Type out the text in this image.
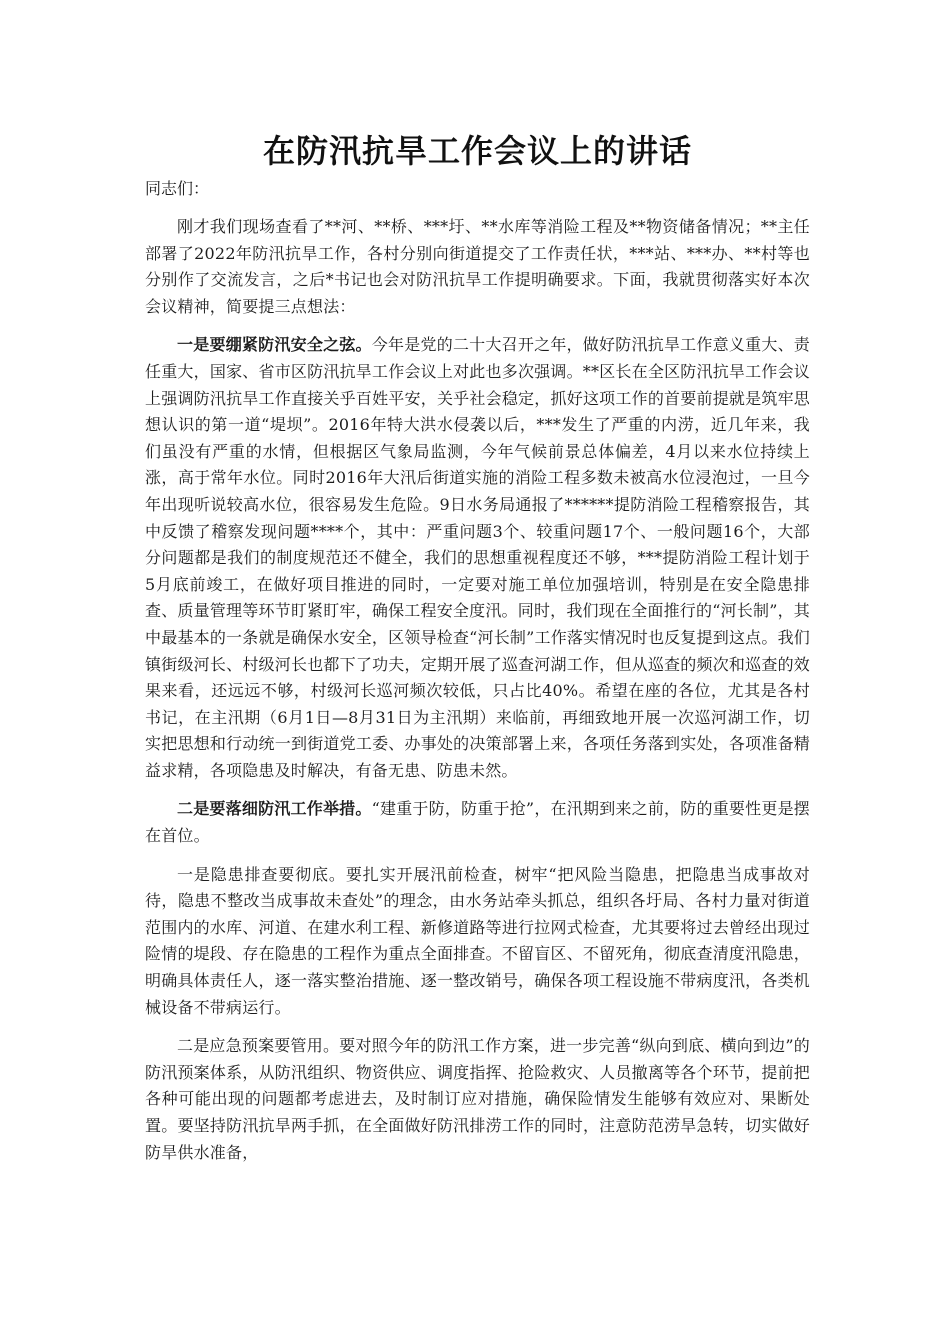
在防汛抗旱工作会议上的讲话

同志们：

刚才我们现场查看了**河、**桥、***圩、**水库等消险工程及**物资储备情况；**主任部署了2022年防汛抗旱工作，各村分别向街道提交了工作责任状，***站、***办、**村等也分别作了交流发言，之后*书记也会对防汛抗旱工作提明确要求。下面，我就贯彻落实好本次会议精神，简要提三点想法：

一是要绷紧防汛安全之弦。今年是党的二十大召开之年，做好防汛抗旱工作意义重大、责任重大，国家、省市区防汛抗旱工作会议上对此也多次强调。**区长在全区防汛抗旱工作会议上强调防汛抗旱工作直接关乎百姓平安，关乎社会稳定，抓好这项工作的首要前提就是筑牢思想认识的第一道“堤坝”。2016年特大洪水侵袭以后，***发生了严重的内涝，近几年来，我们虽没有严重的水情，但根据区气象局监测，今年气候前景总体偏差，4月以来水位持续上涨，高于常年水位。同时2016年大汛后街道实施的消险工程多数未被高水位浸泡过，一旦今年出现听说较高水位，很容易发生危险。9日水务局通报了******提防消险工程稽察报告，其中反馈了稽察发现问题****个，其中：严重问题3个、较重问题17个、一般问题16个，大部分问题都是我们的制度规范还不健全，我们的思想重视程度还不够，***提防消险工程计划于5月底前竣工，在做好项目推进的同时，一定要对施工单位加强培训，特别是在安全隐患排查、质量管理等环节盯紧盯牢，确保工程安全度汛。同时，我们现在全面推行的“河长制”，其中最基本的一条就是确保水安全，区领导检查“河长制”工作落实情况时也反复提到这点。我们镇街级河长、村级河长也都下了功夫，定期开展了巡查河湖工作，但从巡查的频次和巡查的效果来看，还远远不够，村级河长巡河频次较低，只占比40%。希望在座的各位，尤其是各村书记，在主汛期（6月1日—8月31日为主汛期）来临前，再细致地开展一次巡河湖工作，切实把思想和行动统一到街道党工委、办事处的决策部署上来，各项任务落到实处，各项准备精益求精，各项隐患及时解决，有备无患、防患未然。

二是要落细防汛工作举措。“建重于防，防重于抢”，在汛期到来之前，防的重要性更是摆在首位。

一是隐患排查要彻底。要扎实开展汛前检查，树牢“把风险当隐患，把隐患当成事故对待，隐患不整改当成事故未查处”的理念，由水务站牵头抓总，组织各圩局、各村力量对街道范围内的水库、河道、在建水利工程、新修道路等进行拉网式检查，尤其要将过去曾经出现过险情的堤段、存在隐患的工程作为重点全面排查。不留盲区、不留死角，彻底查清度汛隐患，明确具体责任人，逐一落实整治措施、逐一整改销号，确保各项工程设施不带病度汛，各类机械设备不带病运行。

二是应急预案要管用。要对照今年的防汛工作方案，进一步完善“纵向到底、横向到边”的防汛预案体系，从防汛组织、物资供应、调度指挥、抢险救灾、人员撤离等各个环节，提前把各种可能出现的问题都考虑进去，及时制订应对措施，确保险情发生能够有效应对、果断处置。要坚持防汛抗旱两手抓，在全面做好防汛排涝工作的同时，注意防范涝旱急转，切实做好防旱供水准备，
